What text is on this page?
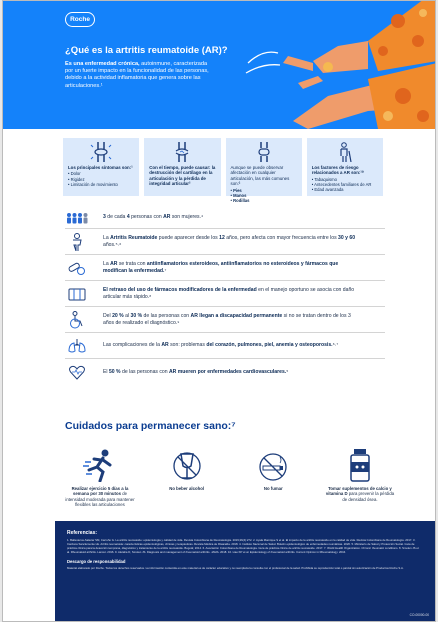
Roche
¿Qué es la artritis reumatoide (AR)?
Es una enfermedad crónica, autoinmune, caracterizada por un fuerte impacto en la funcionalidad de las personas, debido a la actividad inflamatoria que genera sobre las articulaciones.¹
Los principales síntomas son:¹
• Dolor
• Rigidez
• Limitación de movimiento
Con el tiempo, puede causar: la destrucción del cartílago en la articulación y la pérdida de integridad articular²
Aunque se puede observar afectación en cualquier articulación, las más comunes son:³
• Pies
• Manos
• Rodillas
Los factores de riesgo relacionados a AR son:¹⁰
• Tabaquismo
• Antecedentes familiares de AR
• Edad avanzada
3 de cada 4 personas con AR son mujeres.⁴
La Artritis Reumatoide puede aparecer desde los 12 años, pero afecta con mayor frecuencia entre los 30 y 60 años.⁵˒⁶
La AR se trata con antiinflamatorios esteroideos, antiinflamatorios no esteroideos y fármacos que modifican la enfermedad.⁷
El retraso del uso de fármacos modificadores de la enfermedad en el manejo oportuno se asocia con daño articular más rápido.⁸
Del 20 % al 30 % de las personas con AR llegan a discapacidad permanente si no se tratan dentro de los 3 años de realizado el diagnóstico.⁹
Las complicaciones de la AR son: problemas del corazón, pulmones, piel, anemia y osteoporosis.⁶˒⁷
El 50 % de las personas con AR mueren por enfermedades cardiovasculares.⁵
Cuidados para permanecer sano:⁷
Realizar ejercicio 5 días a la semana por 30 minutos de intensidad moderada para mantener flexibles las articulaciones
No beber alcohol	No fumar	Tomar suplementos de calcio y vitamina D para prevenir la pérdida de densidad ósea.
Referencias:
1. Ballesteros-Salazar SM, Carreño G. La artritis reumatoide: epidemiología y calidad de vida. Revista Colombiana de Reumatología. 2019;26(4):272. 2. Ayala Manrique S et al. El impacto de la artritis reumatoide en la calidad de vida. Revista Colombiana de Reumatología. 2017. 3. Cardona Sanclemente LE. Artritis reumatoide: características epidemiológicas, clínicas y terapéuticas. Revista Médica de Risaralda. 2018. 4. Instituto Nacional de Salud. Boletín epidemiológico de enfermedades reumáticas. 2020. 5. Ministerio de Salud y Protección Social. Guía de práctica clínica para la detección temprana, diagnóstico y tratamiento de la artritis reumatoide. Bogotá; 2014. 6. Asociación Colombiana de Reumatología. Guía de práctica clínica de artritis reumatoide. 2017. 7. World Health Organization. Chronic rheumatic conditions. 8. Smolen JS et al. Rheumatoid arthritis. Lancet. 2016. 9. Aletaha D, Smolen JS. Diagnosis and management of rheumatoid arthritis. JAMA. 2018. 10. Liao KP et al. Epidemiology of rheumatoid arthritis. Current Opinion in Rheumatology. 2016.
Descargo de responsabilidad
Material elaborado por Roche. Todos los derechos reservados. La información contenida en este material es de carácter educativo y no reemplaza la consulta con el profesional de la salud. Prohibida su reproducción total o parcial sin autorización de Productos Roche S.A.
CO-00000-00
